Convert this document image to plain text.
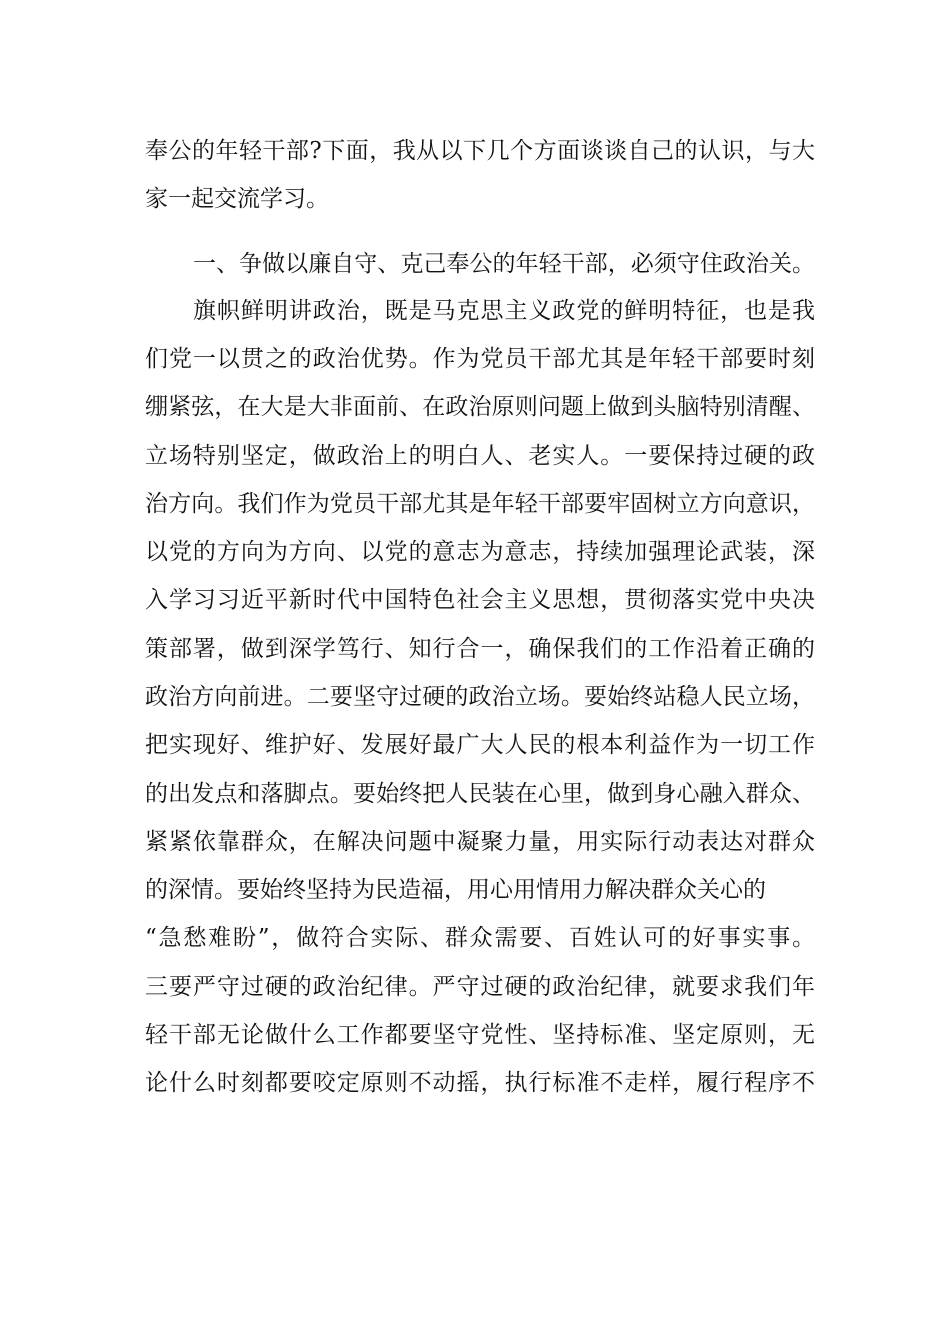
奉公的年轻干部?下面，我从以下几个方面谈谈自己的认识，与大
家一起交流学习。
一、争做以廉自守、克己奉公的年轻干部，必须守住政治关。
旗帜鲜明讲政治，既是马克思主义政党的鲜明特征，也是我
们党一以贯之的政治优势。作为党员干部尤其是年轻干部要时刻
绷紧弦，在大是大非面前、在政治原则问题上做到头脑特别清醒、
立场特别坚定，做政治上的明白人、老实人。一要保持过硬的政
治方向。我们作为党员干部尤其是年轻干部要牢固树立方向意识，
以党的方向为方向、以党的意志为意志，持续加强理论武装，深
入学习习近平新时代中国特色社会主义思想，贯彻落实党中央决
策部署，做到深学笃行、知行合一，确保我们的工作沿着正确的
政治方向前进。二要坚守过硬的政治立场。要始终站稳人民立场，
把实现好、维护好、发展好最广大人民的根本利益作为一切工作
的出发点和落脚点。要始终把人民装在心里，做到身心融入群众、
紧紧依靠群众，在解决问题中凝聚力量，用实际行动表达对群众
的深情。要始终坚持为民造福，用心用情用力解决群众关心的
“急愁难盼”，做符合实际、群众需要、百姓认可的好事实事。
三要严守过硬的政治纪律。严守过硬的政治纪律，就要求我们年
轻干部无论做什么工作都要坚守党性、坚持标准、坚定原则，无
论什么时刻都要咬定原则不动摇，执行标准不走样，履行程序不
